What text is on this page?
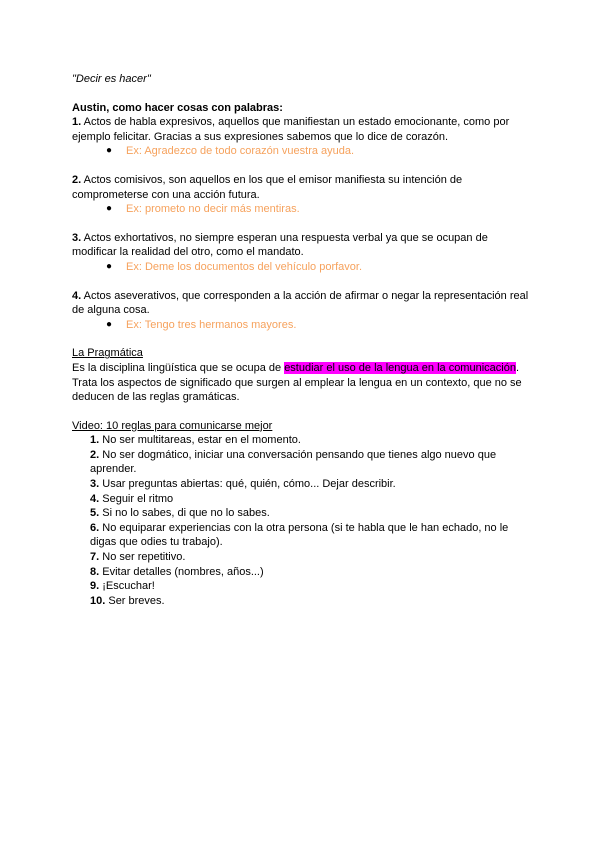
"Decir es hacer"

Austin, como hacer cosas con palabras:

1. Actos de habla expresivos, aquellos que manifiestan un estado emocionante, como por ejemplo felicitar. Gracias a sus expresiones sabemos que lo dice de corazón.

● Ex: Agradezco de todo corazón vuestra ayuda.

2. Actos comisivos, son aquellos en los que el emisor manifiesta su intención de comprometerse con una acción futura.

● Ex: prometo no decir más mentiras.

3. Actos exhortativos, no siempre esperan una respuesta verbal ya que se ocupan de modificar la realidad del otro, como el mandato.

● Ex: Deme los documentos del vehículo porfavor.

4. Actos aseverativos, que corresponden a la acción de afirmar o negar la representación real de alguna cosa.

● Ex: Tengo tres hermanos mayores.

La Pragmática

Es la disciplina lingüística que se ocupa de estudiar el uso de la lengua en la comunicación. Trata los aspectos de significado que surgen al emplear la lengua en un contexto, que no se deducen de las reglas gramáticas.

Video: 10 reglas para comunicarse mejor

1. No ser multitareas, estar en el momento.

2. No ser dogmático, iniciar una conversación pensando que tienes algo nuevo que aprender.

3. Usar preguntas abiertas: qué, quién, cómo... Dejar describir.

4. Seguir el ritmo

5. Si no lo sabes, di que no lo sabes.

6. No equiparar experiencias con la otra persona (si te habla que le han echado, no le digas que odies tu trabajo).

7. No ser repetitivo.

8. Evitar detalles (nombres, años...)

9. ¡Escuchar!

10. Ser breves.
